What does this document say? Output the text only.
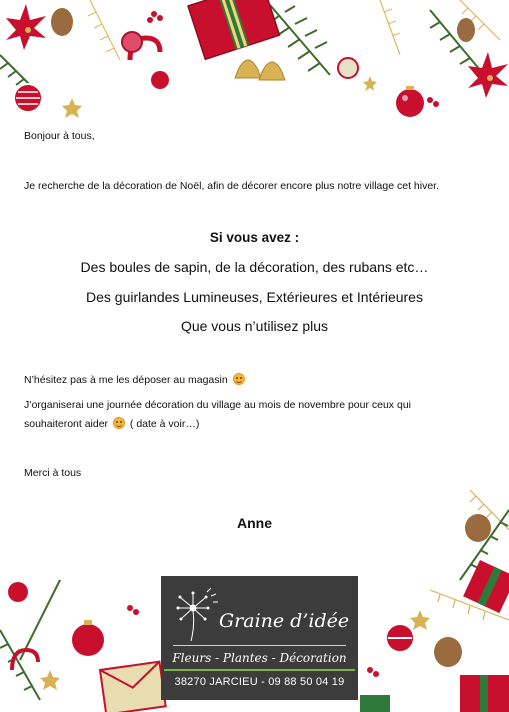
Bonjour à tous,
Je recherche de la décoration de Noël, afin de décorer encore plus notre village cet hiver.
Si vous avez :
Des boules de sapin, de la décoration, des rubans etc…
Des guirlandes Lumineuses, Extérieures et Intérieures
Que vous n’utilisez plus
N’hésitez pas à me les déposer au magasin
J’organiserai une journée décoration du village au mois de novembre pour ceux qui
souhaiteront aider ( date à voir…)
Merci à tous
Anne
Graine d’idée
Fleurs - Plantes - Décoration
38270 JARCIEU - 09 88 50 04 19
